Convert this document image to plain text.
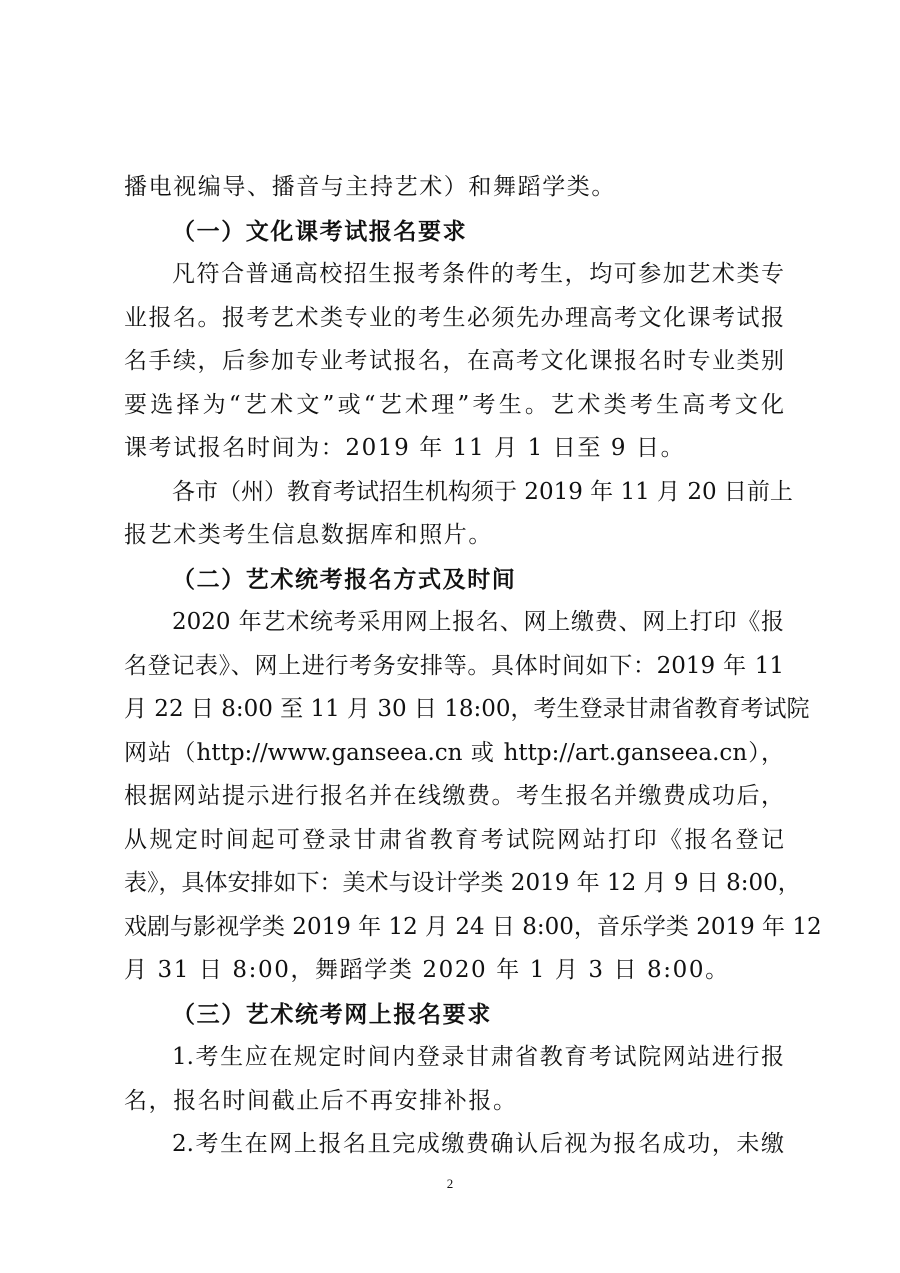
播电视编导、播音与主持艺术）和舞蹈学类。
（一）文化课考试报名要求
凡符合普通高校招生报考条件的考生，均可参加艺术类专
业报名。报考艺术类专业的考生必须先办理高考文化课考试报
名手续，后参加专业考试报名，在高考文化课报名时专业类别
要选择为“艺术文”或“艺术理”考生。艺术类考生高考文化
课考试报名时间为：2019 年 11 月 1 日至 9 日。
各市（州）教育考试招生机构须于 2019 年 11 月 20 日前上
报艺术类考生信息数据库和照片。
（二）艺术统考报名方式及时间
2020 年艺术统考采用网上报名、网上缴费、网上打印《报
名登记表》、网上进行考务安排等。具体时间如下：2019 年 11
月 22 日 8:00 至 11 月 30 日 18:00，考生登录甘肃省教育考试院
网站（http://www.ganseea.cn 或 http://art.ganseea.cn），
根据网站提示进行报名并在线缴费。考生报名并缴费成功后，
从规定时间起可登录甘肃省教育考试院网站打印《报名登记
表》，具体安排如下：美术与设计学类 2019 年 12 月 9 日 8:00，
戏剧与影视学类 2019 年 12 月 24 日 8:00，音乐学类 2019 年 12
月 31 日 8:00，舞蹈学类 2020 年 1 月 3 日 8:00。
（三）艺术统考网上报名要求
1.考生应在规定时间内登录甘肃省教育考试院网站进行报
名，报名时间截止后不再安排补报。
2.考生在网上报名且完成缴费确认后视为报名成功，未缴
2
